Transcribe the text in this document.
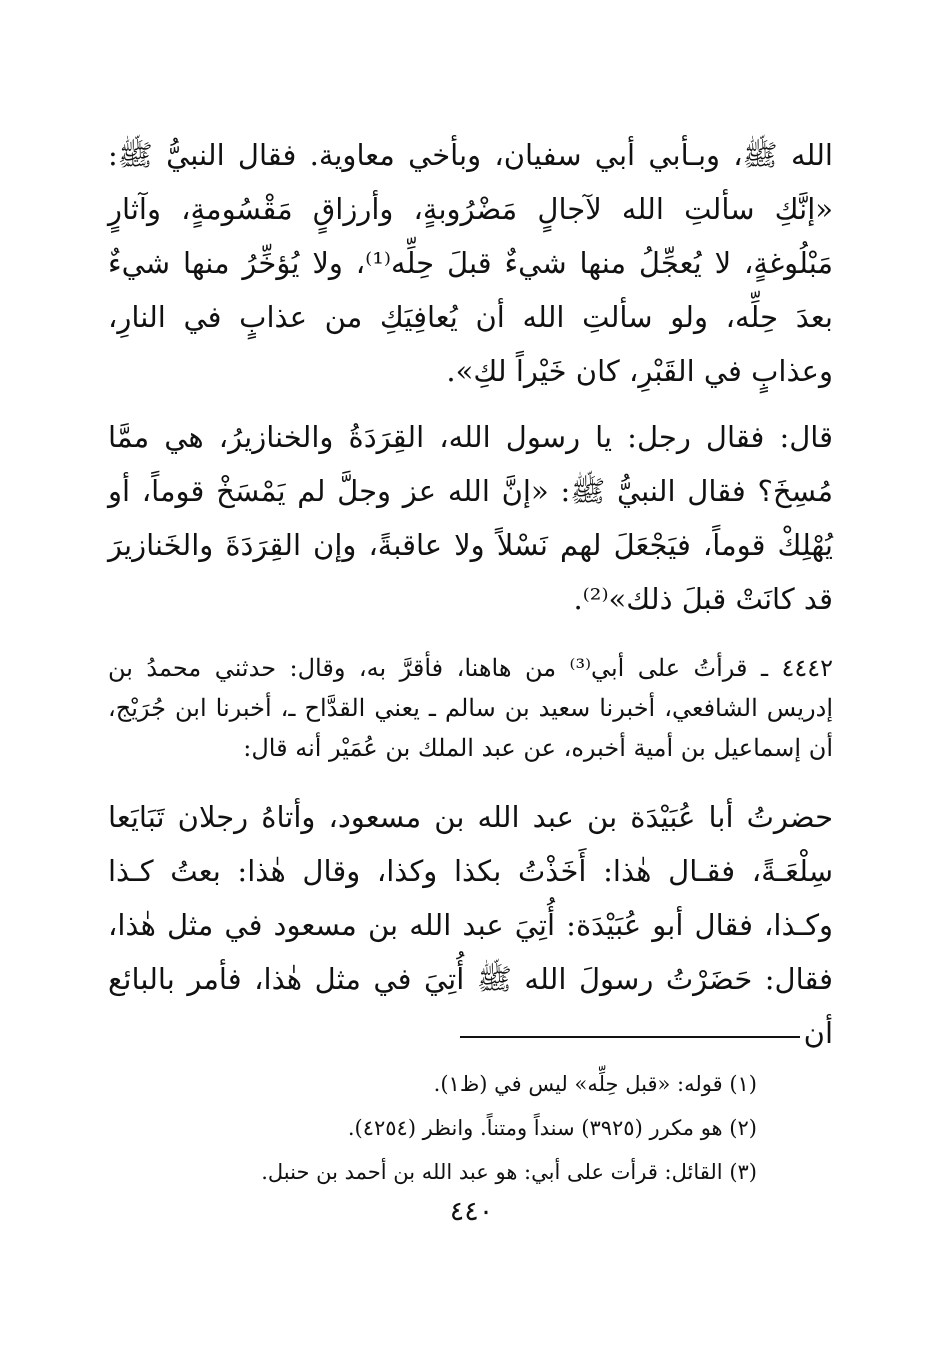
الله ﷺ، وبـأبي أبي سفيان، وبأخي معاوية. فقال النبيُّ ﷺ: «إنَّكِ سألتِ الله لآجالٍ مَضْرُوبةٍ، وأرزاقٍ مَقْسُومةٍ، وآثارٍ مَبْلُوغةٍ، لا يُعجِّلُ منها شيءٌ قبلَ حِلِّه⁽¹⁾، ولا يُؤخِّرُ منها شيءٌ بعدَ حِلِّه، ولو سألتِ الله أن يُعافِيَكِ من عذابٍ في النارِ، وعذابٍ في القَبْرِ، كان خَيْراً لكِ».

قال: فقال رجل: يا رسول الله، القِرَدَةُ والخنازيرُ، هي ممَّا مُسِخَ؟ فقال النبيُّ ﷺ: «إنَّ الله عز وجلَّ لم يَمْسَخْ قوماً، أو يُهْلِكْ قوماً، فيَجْعَلَ لهم نَسْلاً ولا عاقبةً، وإن القِرَدَةَ والخَنازيرَ قد كانَتْ قبلَ ذلك»⁽²⁾.

٤٤٤٢ ـ قرأتُ على أبي⁽³⁾ من هاهنا، فأقرَّ به، وقال: حدثني محمدُ بن إدريس الشافعي، أخبرنا سعيد بن سالم ـ يعني القدَّاح ـ، أخبرنا ابن جُرَيْج، أن إسماعيل بن أمية أخبره، عن عبد الملك بن عُمَيْر أنه قال:

حضرتُ أبا عُبَيْدَة بن عبد الله بن مسعود، وأتاهُ رجلان تَبَايَعا سِلْعَـةً، فقـال هٰذا: أَخَذْتُ بكذا وكذا، وقال هٰذا: بعتُ كـذا وكـذا، فقال أبو عُبَيْدَة: أُتِيَ عبد الله بن مسعود في مثل هٰذا، فقال: حَضَرْتُ رسولَ الله ﷺ أُتِيَ في مثل هٰذا، فأمر بالبائع أن

(١) قوله: «قبل حِلِّه» ليس في (ظ١).
(٢) هو مكرر (٣٩٢٥) سنداً ومتناً. وانظر (٤٢٥٤).
(٣) القائل: قرأت على أبي: هو عبد الله بن أحمد بن حنبل.
٤٤٠
